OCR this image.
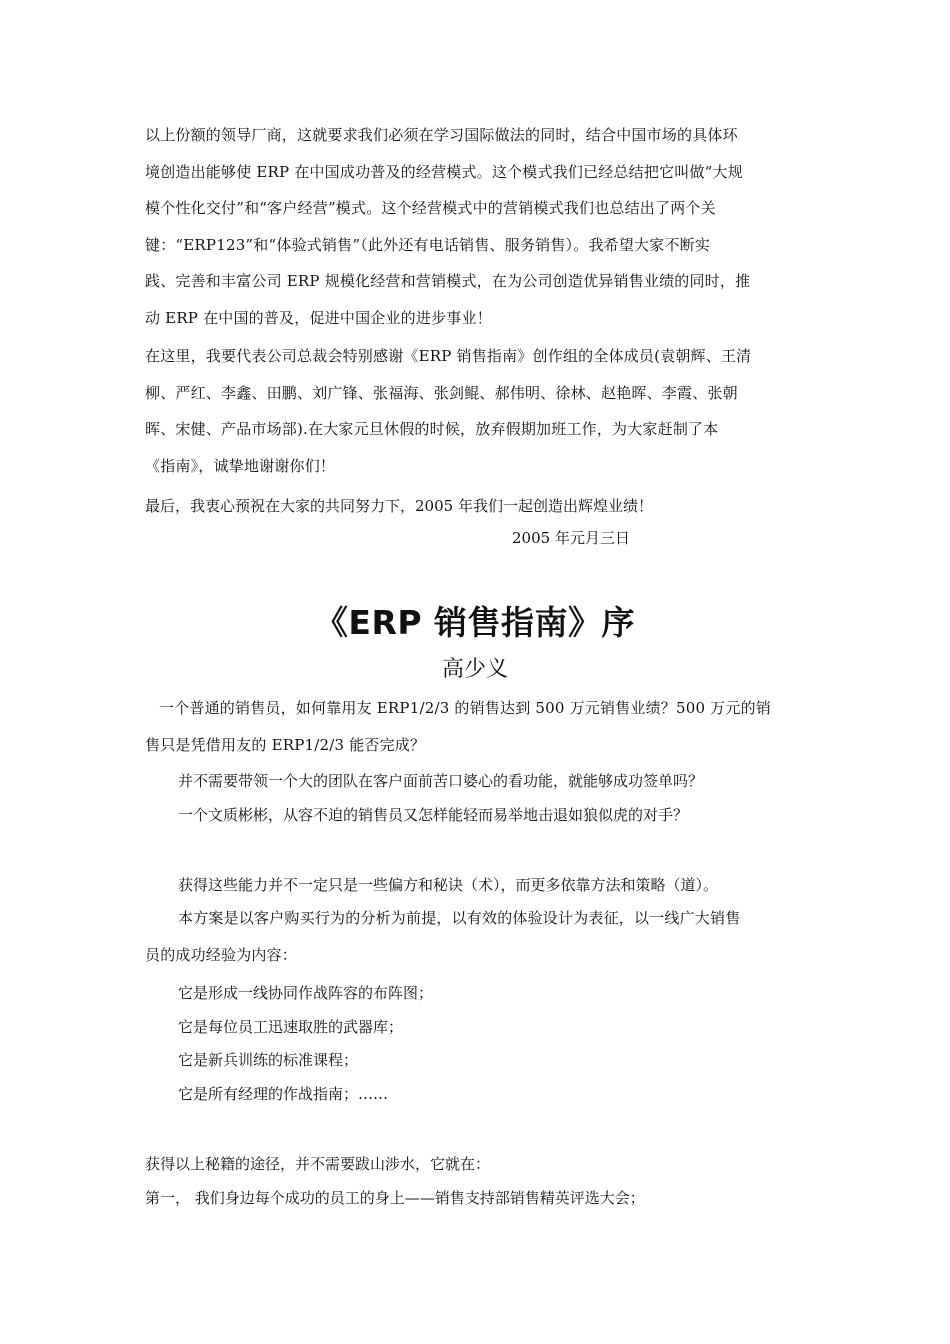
以上份额的领导厂商，这就要求我们必须在学习国际做法的同时，结合中国市场的具体环
境创造出能够使 ERP 在中国成功普及的经营模式。这个模式我们已经总结把它叫做“大规
模个性化交付”和“客户经营”模式。这个经营模式中的营销模式我们也总结出了两个关
键：“ERP123”和“体验式销售”（此外还有电话销售、服务销售）。我希望大家不断实
践、完善和丰富公司 ERP 规模化经营和营销模式，在为公司创造优异销售业绩的同时，推
动 ERP 在中国的普及，促进中国企业的进步事业！

在这里，我要代表公司总裁会特别感谢《ERP 销售指南》创作组的全体成员(袁朝辉、王清
柳、严红、李鑫、田鹏、刘广锋、张福海、张剑鲲、郝伟明、徐林、赵艳晖、李霞、张朝
晖、宋健、产品市场部).在大家元旦休假的时候，放弃假期加班工作，为大家赶制了本
《指南》，诚挚地谢谢你们！

最后，我衷心预祝在大家的共同努力下，2005 年我们一起创造出辉煌业绩！
2005 年元月三日
《ERP 销售指南》序
高少义

一个普通的销售员，如何靠用友 ERP1/2/3 的销售达到 500 万元销售业绩？500 万元的销
售只是凭借用友的 ERP1/2/3 能否完成？

并不需要带领一个大的团队在客户面前苦口婆心的看功能，就能够成功签单吗？
一个文质彬彬，从容不迫的销售员又怎样能轻而易举地击退如狼似虎的对手？
获得这些能力并不一定只是一些偏方和秘诀（术），而更多依靠方法和策略（道）。

本方案是以客户购买行为的分析为前提，以有效的体验设计为表征，以一线广大销售
员的成功经验为内容：

它是形成一线协同作战阵容的布阵图；
它是每位员工迅速取胜的武器库；
它是新兵训练的标准课程；
它是所有经理的作战指南；……
获得以上秘籍的途径，并不需要跋山涉水，它就在：
第一， 我们身边每个成功的员工的身上——销售支持部销售精英评选大会；
